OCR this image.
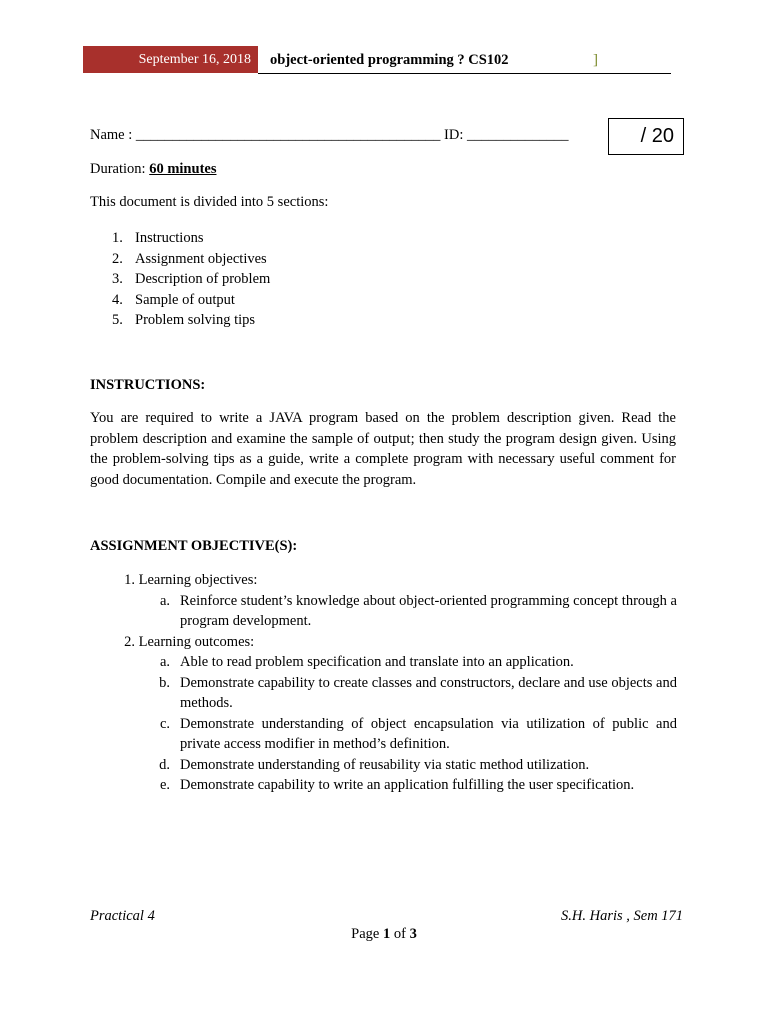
September 16, 2018	object-oriented programming ? CS102	]
Name : __________________________________________ ID: ______________	/ 20
Duration: 60 minutes
This document is divided into 5 sections:
1. Instructions
2. Assignment objectives
3. Description of problem
4. Sample of output
5. Problem solving tips
INSTRUCTIONS:

You are required to write a JAVA program based on the problem description given. Read the problem description and examine the sample of output; then study the program design given. Using the problem-solving tips as a guide, write a complete program with necessary useful comment for good documentation. Compile and execute the program.

ASSIGNMENT OBJECTIVE(S):
1. Learning objectives:
a. Reinforce student’s knowledge about object-oriented programming concept through a program development.
2. Learning outcomes:
a. Able to read problem specification and translate into an application.
b. Demonstrate capability to create classes and constructors, declare and use objects and methods.
c. Demonstrate understanding of object encapsulation via utilization of public and private access modifier in method’s definition.
d. Demonstrate understanding of reusability via static method utilization.
e. Demonstrate capability to write an application fulfilling the user specification.
Practical 4	S.H. Haris , Sem 171
Page 1 of 3
